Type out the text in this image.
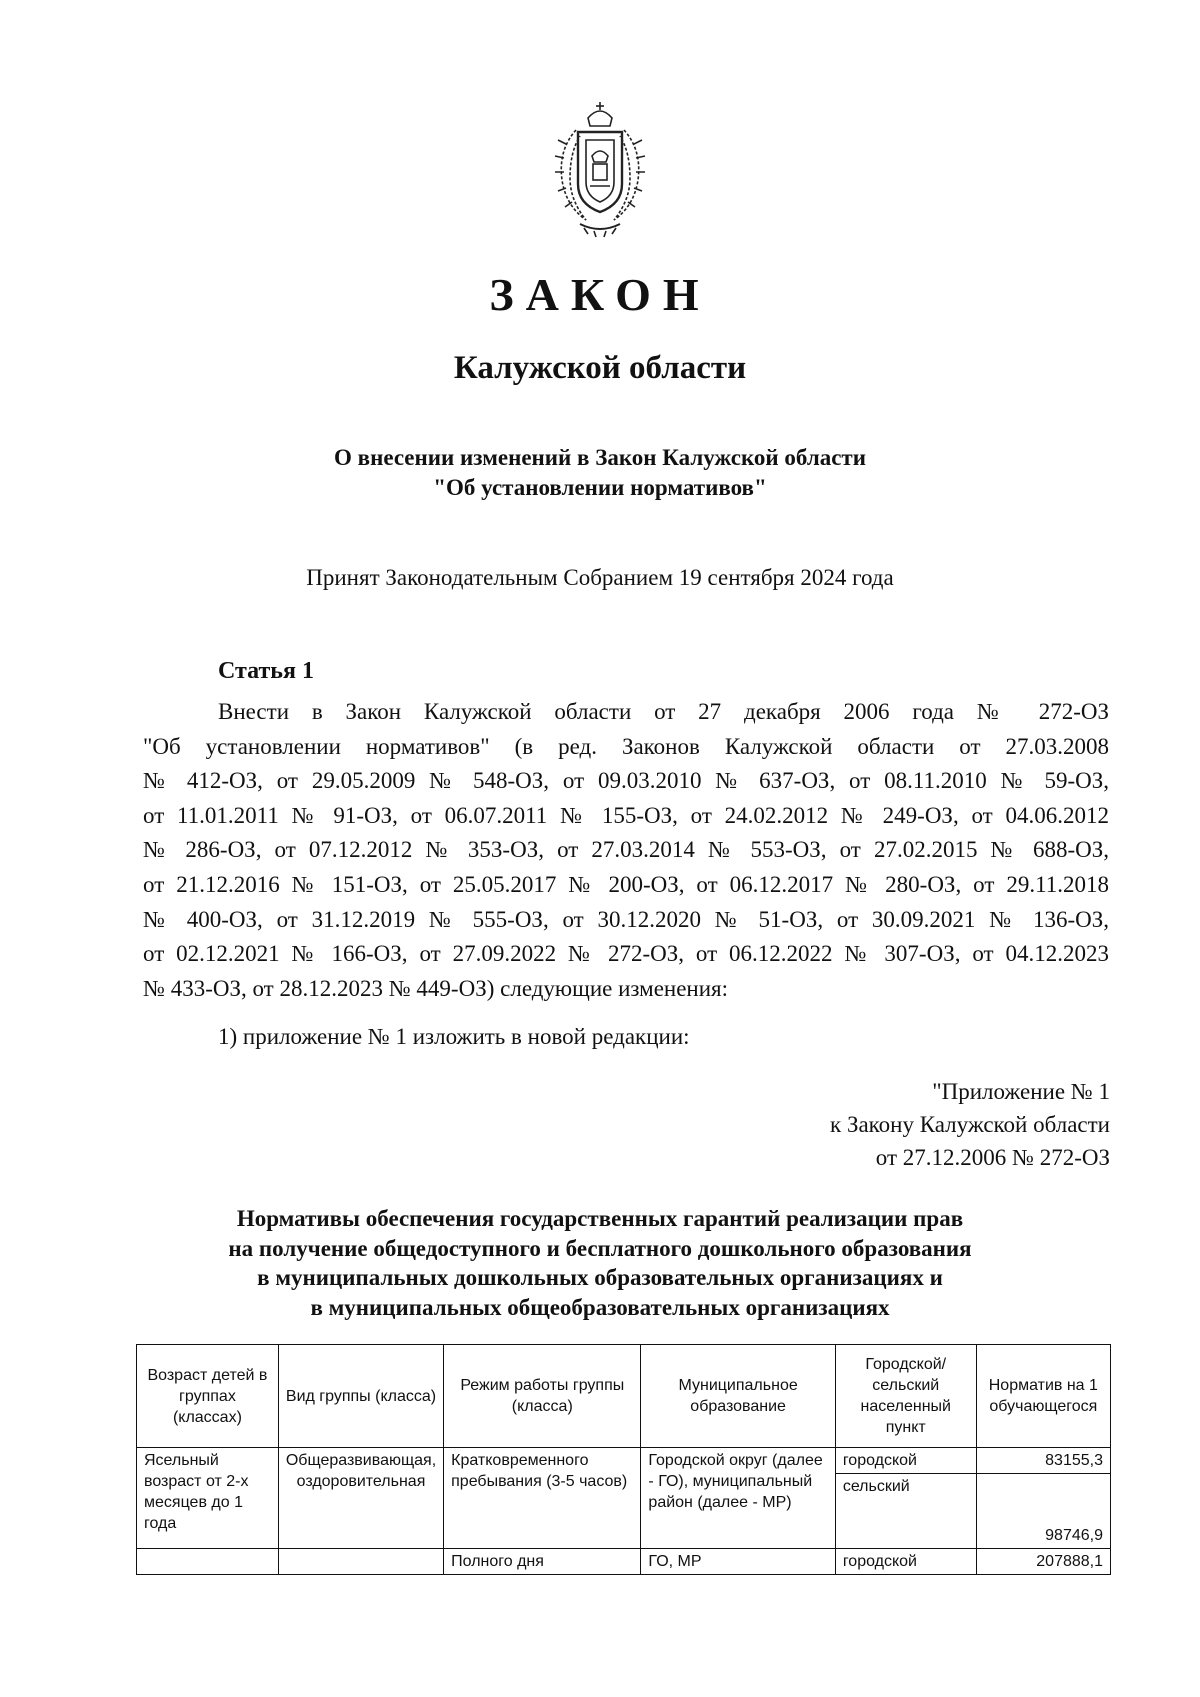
ЗАКОН
Калужской области
О внесении изменений в Закон Калужской области
"Об установлении нормативов"
Принят Законодательным Собранием 19 сентября 2024 года
Статья 1
Внести в Закон Калужской области от 27 декабря 2006 года № 272-ОЗ
"Об установлении нормативов" (в ред. Законов Калужской области от 27.03.2008
№ 412-ОЗ, от 29.05.2009 № 548-ОЗ, от 09.03.2010 № 637-ОЗ, от 08.11.2010 № 59-ОЗ,
от 11.01.2011 № 91-ОЗ, от 06.07.2011 № 155-ОЗ, от 24.02.2012 № 249-ОЗ, от 04.06.2012
№ 286-ОЗ, от 07.12.2012 № 353-ОЗ, от 27.03.2014 № 553-ОЗ, от 27.02.2015 № 688-ОЗ,
от 21.12.2016 № 151-ОЗ, от 25.05.2017 № 200-ОЗ, от 06.12.2017 № 280-ОЗ, от 29.11.2018
№ 400-ОЗ, от 31.12.2019 № 555-ОЗ, от 30.12.2020 № 51-ОЗ, от 30.09.2021 № 136-ОЗ,
от 02.12.2021 № 166-ОЗ, от 27.09.2022 № 272-ОЗ, от 06.12.2022 № 307-ОЗ, от 04.12.2023
№ 433-ОЗ, от 28.12.2023 № 449-ОЗ) следующие изменения:
1) приложение № 1 изложить в новой редакции:
"Приложение № 1
к Закону Калужской области
от 27.12.2006 № 272-ОЗ
Нормативы обеспечения государственных гарантий реализации прав
на получение общедоступного и бесплатного дошкольного образования
в муниципальных дошкольных образовательных организациях и
в муниципальных общеобразовательных организациях
Возраст детей в группах (классах)	Вид группы (класса)	Режим работы группы (класса)	Муниципальное образование	Городской/ сельский населенный пункт	Норматив на 1 обучающегося
Ясельный возраст от 2-х месяцев до 1 года	Общеразвивающая, оздоровительная	Кратковременного пребывания (3-5 часов)	Городской округ (далее - ГО), муниципальный район (далее - МР)	городской	83155,3
				сельский	98746,9
		Полного дня	ГО, МР	городской	207888,1
